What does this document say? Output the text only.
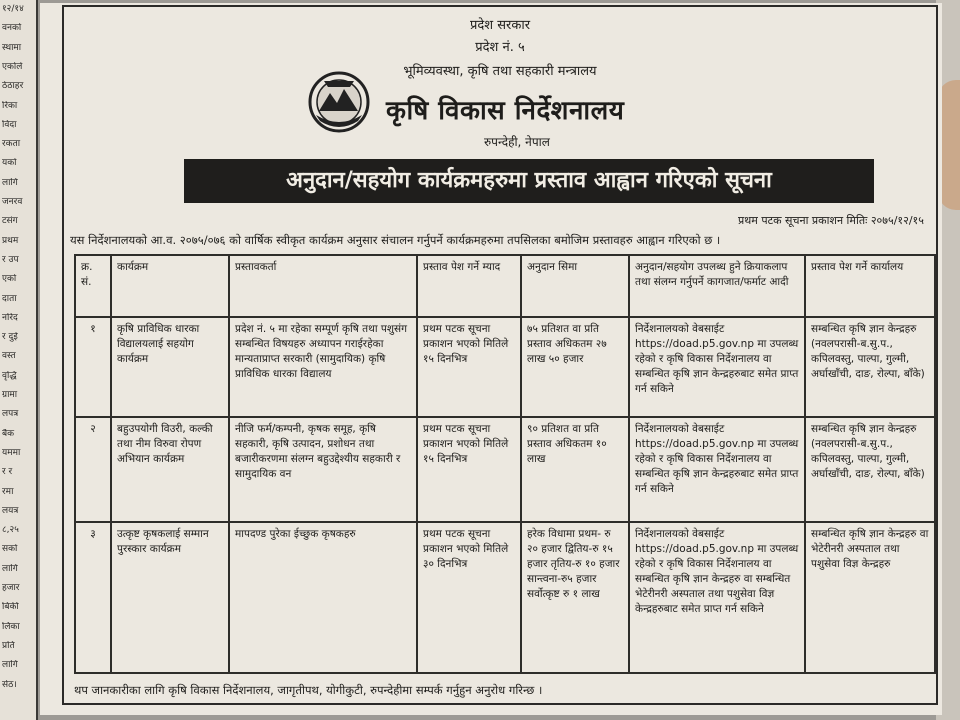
१२/१४
वनको
स्थामा
एकोले
ठेठाहर
रिका
विदा
रकता
यको
लागि
जनरव
टसंग
प्रथम
र उप
एको
दाता
नरिद
र दुई
वस्त
वृद्धि
ग्रामा
लपत्र
बैंक
यममा
र र
रमा
लयत्र
८,२५
सको
लागि
हजार
बिकी
लिका
प्रति
लागि
सेठ।
प्रदेश सरकार
प्रदेश नं. ५
भूमिव्यवस्था, कृषि तथा सहकारी मन्त्रालय
कृषि विकास निर्देशनालय
रुपन्देही, नेपाल
अनुदान/सहयोग कार्यक्रमहरुमा प्रस्ताव आह्वान गरिएको सूचना
प्रथम पटक सूचना प्रकाशन मितिः २०७५/१२/१५
यस निर्देशनालयको आ.व. २०७५/०७६ को वार्षिक स्वीकृत कार्यक्रम अनुसार संचालन गर्नुपर्ने कार्यक्रमहरुमा तपसिलका बमोजिम प्रस्तावहरु आह्वान गरिएको छ ।
क्र. सं.	कार्यक्रम	प्रस्तावकर्ता	प्रस्ताव पेश गर्ने म्याद	अनुदान सिमा	अनुदान/सहयोग उपलब्ध हुने क्रियाकलाप तथा संलग्न गर्नुपर्ने कागजात/फर्माट आदी	प्रस्ताव पेश गर्ने कार्यालय
१	कृषि प्राविधिक धारका विद्यालयलाई सहयोग कार्यक्रम	प्रदेश नं. ५ मा रहेका सम्पूर्ण कृषि तथा पशुसंग सम्बन्धित विषयहरु अध्यापन गराईरहेका मान्यताप्राप्त सरकारी (सामुदायिक) कृषि प्राविधिक धारका विद्यालय	प्रथम पटक सूचना प्रकाशन भएको मितिले १५ दिनभित्र	७५ प्रतिशत वा प्रति प्रस्ताव अधिकतम २७ लाख ५० हजार	निर्देशनालयको वेबसाईट https://doad.p5.gov.np मा उपलब्ध रहेको र कृषि विकास निर्देशनालय वा सम्बन्धित कृषि ज्ञान केन्द्रहरुबाट समेत प्राप्त गर्न सकिने	सम्बन्धित कृषि ज्ञान केन्द्रहरु (नवलपरासी-ब.सु.प., कपिलवस्तु, पाल्पा, गुल्मी, अर्घाखाँची, दाङ, रोल्पा, बाँके)
२	बहुउपयोगी विउरी, कल्की तथा नीम विरुवा रोपण अभियान कार्यक्रम	नीजि फर्म/कम्पनी, कृषक समूह, कृषि सहकारी, कृषि उत्पादन, प्रशोधन तथा बजारीकरणमा संलग्न बहुउद्देश्यीय सहकारी र सामुदायिक वन	प्रथम पटक सूचना प्रकाशन भएको मितिले १५ दिनभित्र	९० प्रतिशत वा प्रति प्रस्ताव अधिकतम १० लाख	निर्देशनालयको वेबसाईट https://doad.p5.gov.np मा उपलब्ध रहेको र कृषि विकास निर्देशनालय वा सम्बन्धित कृषि ज्ञान केन्द्रहरुबाट समेत प्राप्त गर्न सकिने	सम्बन्धित कृषि ज्ञान केन्द्रहरु (नवलपरासी-ब.सु.प., कपिलवस्तु, पाल्पा, गुल्मी, अर्घाखाँची, दाङ, रोल्पा, बाँके)
३	उत्कृष्ट कृषकलाई सम्मान पुरस्कार कार्यक्रम	मापदण्ड पुरेका ईच्छुक कृषकहरु	प्रथम पटक सूचना प्रकाशन भएको मितिले ३० दिनभित्र	हरेक विधामा प्रथम- रु २० हजार द्वितिय-रु १५ हजार तृतिय-रु १० हजार सान्त्वना-रु५ हजार सर्वोत्कृष्ट रु १ लाख	निर्देशनालयको वेबसाईट https://doad.p5.gov.np मा उपलब्ध रहेको र कृषि विकास निर्देशनालय वा सम्बन्धित कृषि ज्ञान केन्द्रहरु वा सम्बन्धित भेटेरीनरी अस्पताल तथा पशुसेवा विज्ञ केन्द्रहरुबाट समेत प्राप्त गर्न सकिने	सम्बन्धित कृषि ज्ञान केन्द्रहरु वा भेटेरीनरी अस्पताल तथा पशुसेवा विज्ञ केन्द्रहरु
थप जानकारीका लागि कृषि विकास निर्देशनालय, जागृतीपथ, योगीकुटी, रुपन्देहीमा सम्पर्क गर्नुहुन अनुरोध गरिन्छ ।
